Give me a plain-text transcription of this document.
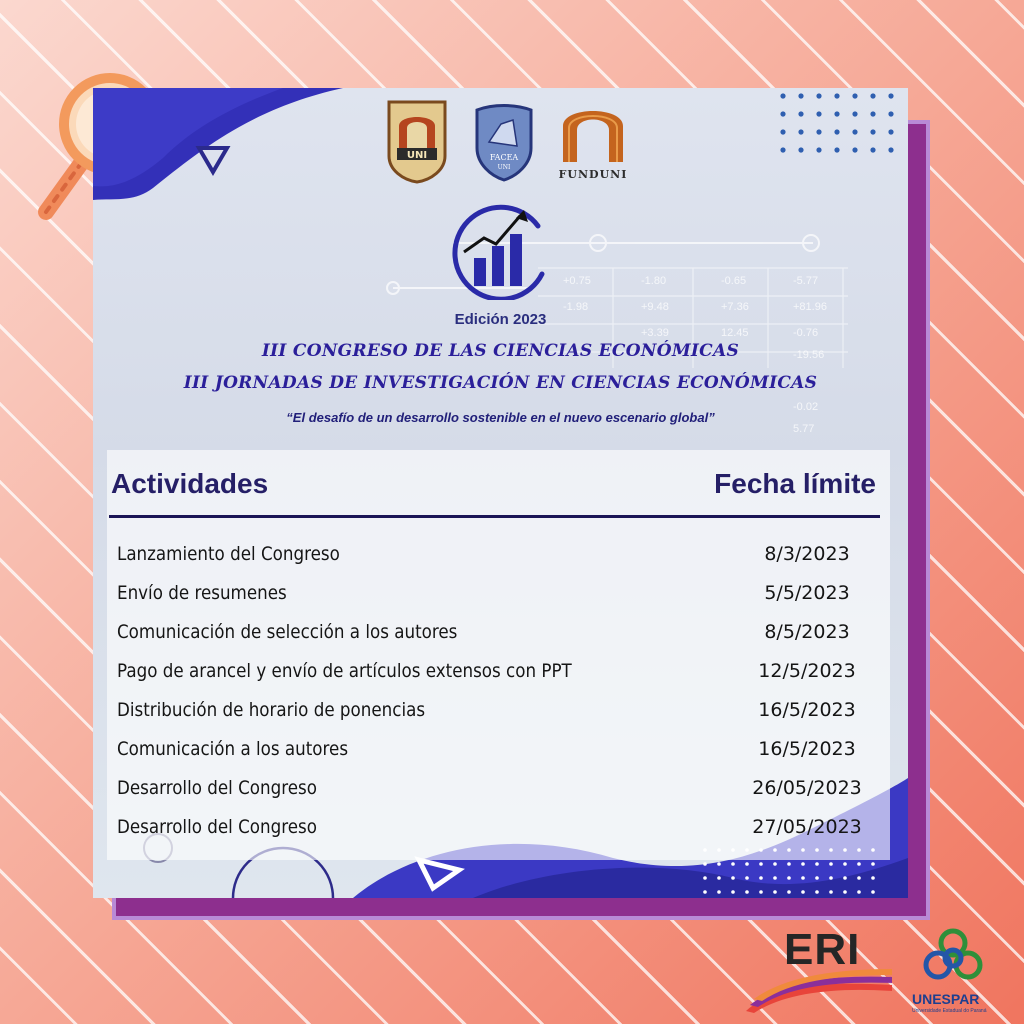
+0.75	-1.80	-0.65	-5.77
-1.98	+9.48	+7.36	+81.96
+3.39	12.45	-0.76
-19.56
-0.02
5.77
UNI	FACEA
UNI
FUNDUNI
Edición 2023
III CONGRESO DE LAS CIENCIAS ECONÓMICAS
III JORNADAS DE INVESTIGACIÓN EN CIENCIAS ECONÓMICAS
“El desafío de un desarrollo sostenible en el nuevo escenario global”
Actividades	Fecha límite
Lanzamiento del Congreso	8/3/2023
Envío de resumenes	5/5/2023
Comunicación de selección a los autores	8/5/2023
Pago de arancel y envío de artículos extensos con PPT	12/5/2023
Distribución de horario de ponencias	16/5/2023
Comunicación a los autores	16/5/2023
Desarrollo del Congreso	26/05/2023
Desarrollo del Congreso	27/05/2023
ERI
UNESPAR
Universidade Estadual do Paraná
